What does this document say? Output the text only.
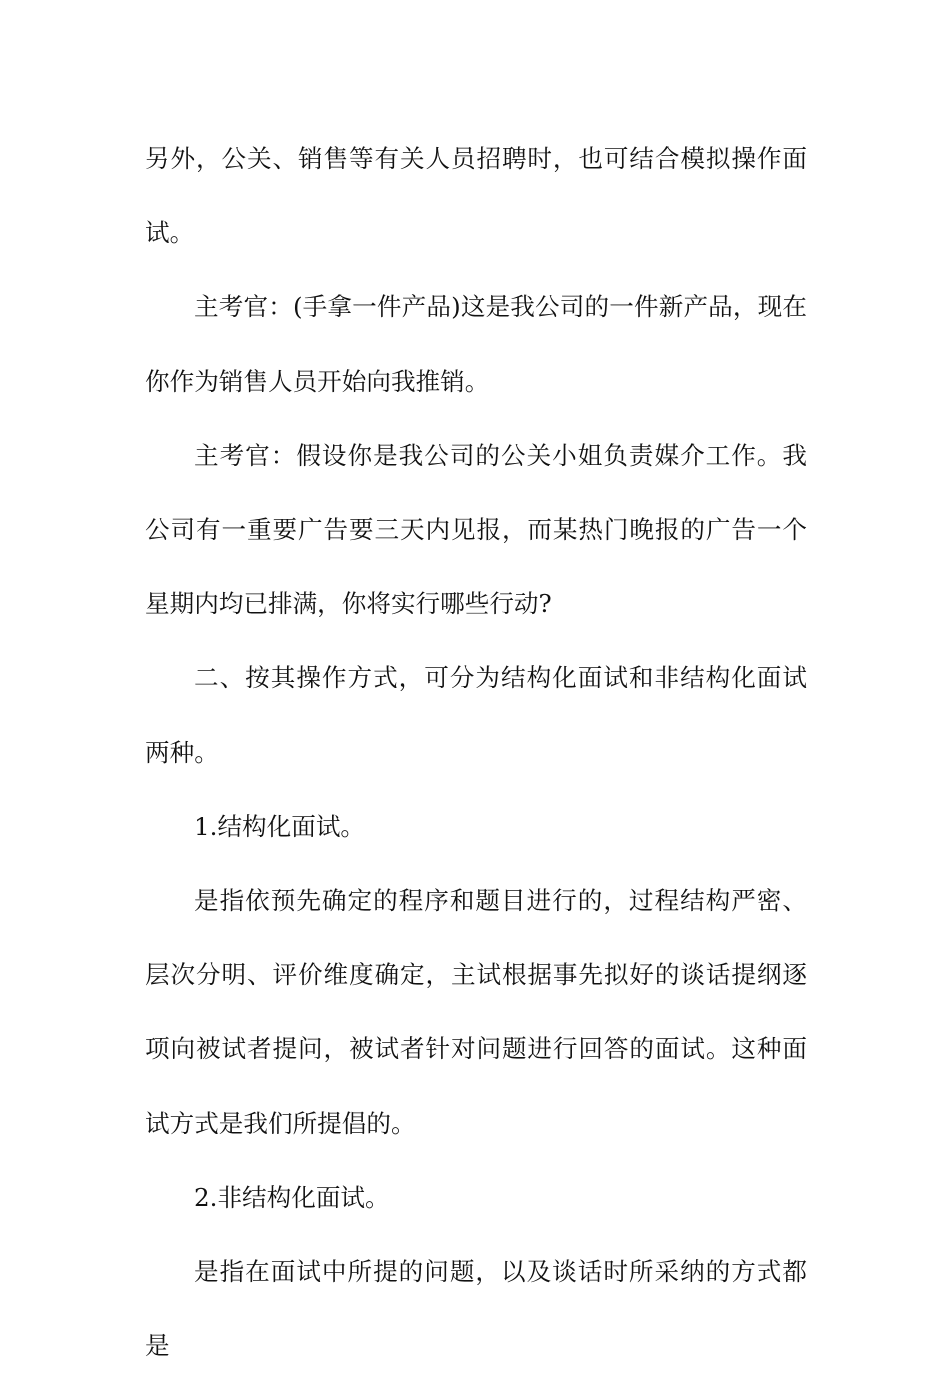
另外，公关、销售等有关人员招聘时，也可结合模拟操作面试。

主考官：(手拿一件产品)这是我公司的一件新产品，现在你作为销售人员开始向我推销。

主考官：假设你是我公司的公关小姐负责媒介工作。我公司有一重要广告要三天内见报，而某热门晚报的广告一个星期内均已排满，你将实行哪些行动?

二、按其操作方式，可分为结构化面试和非结构化面试两种。

1.结构化面试。

是指依预先确定的程序和题目进行的，过程结构严密、层次分明、评价维度确定，主试根据事先拟好的谈话提纲逐项向被试者提问，被试者针对问题进行回答的面试。这种面试方式是我们所提倡的。

2.非结构化面试。

是指在面试中所提的问题，以及谈话时所采纳的方式都是
